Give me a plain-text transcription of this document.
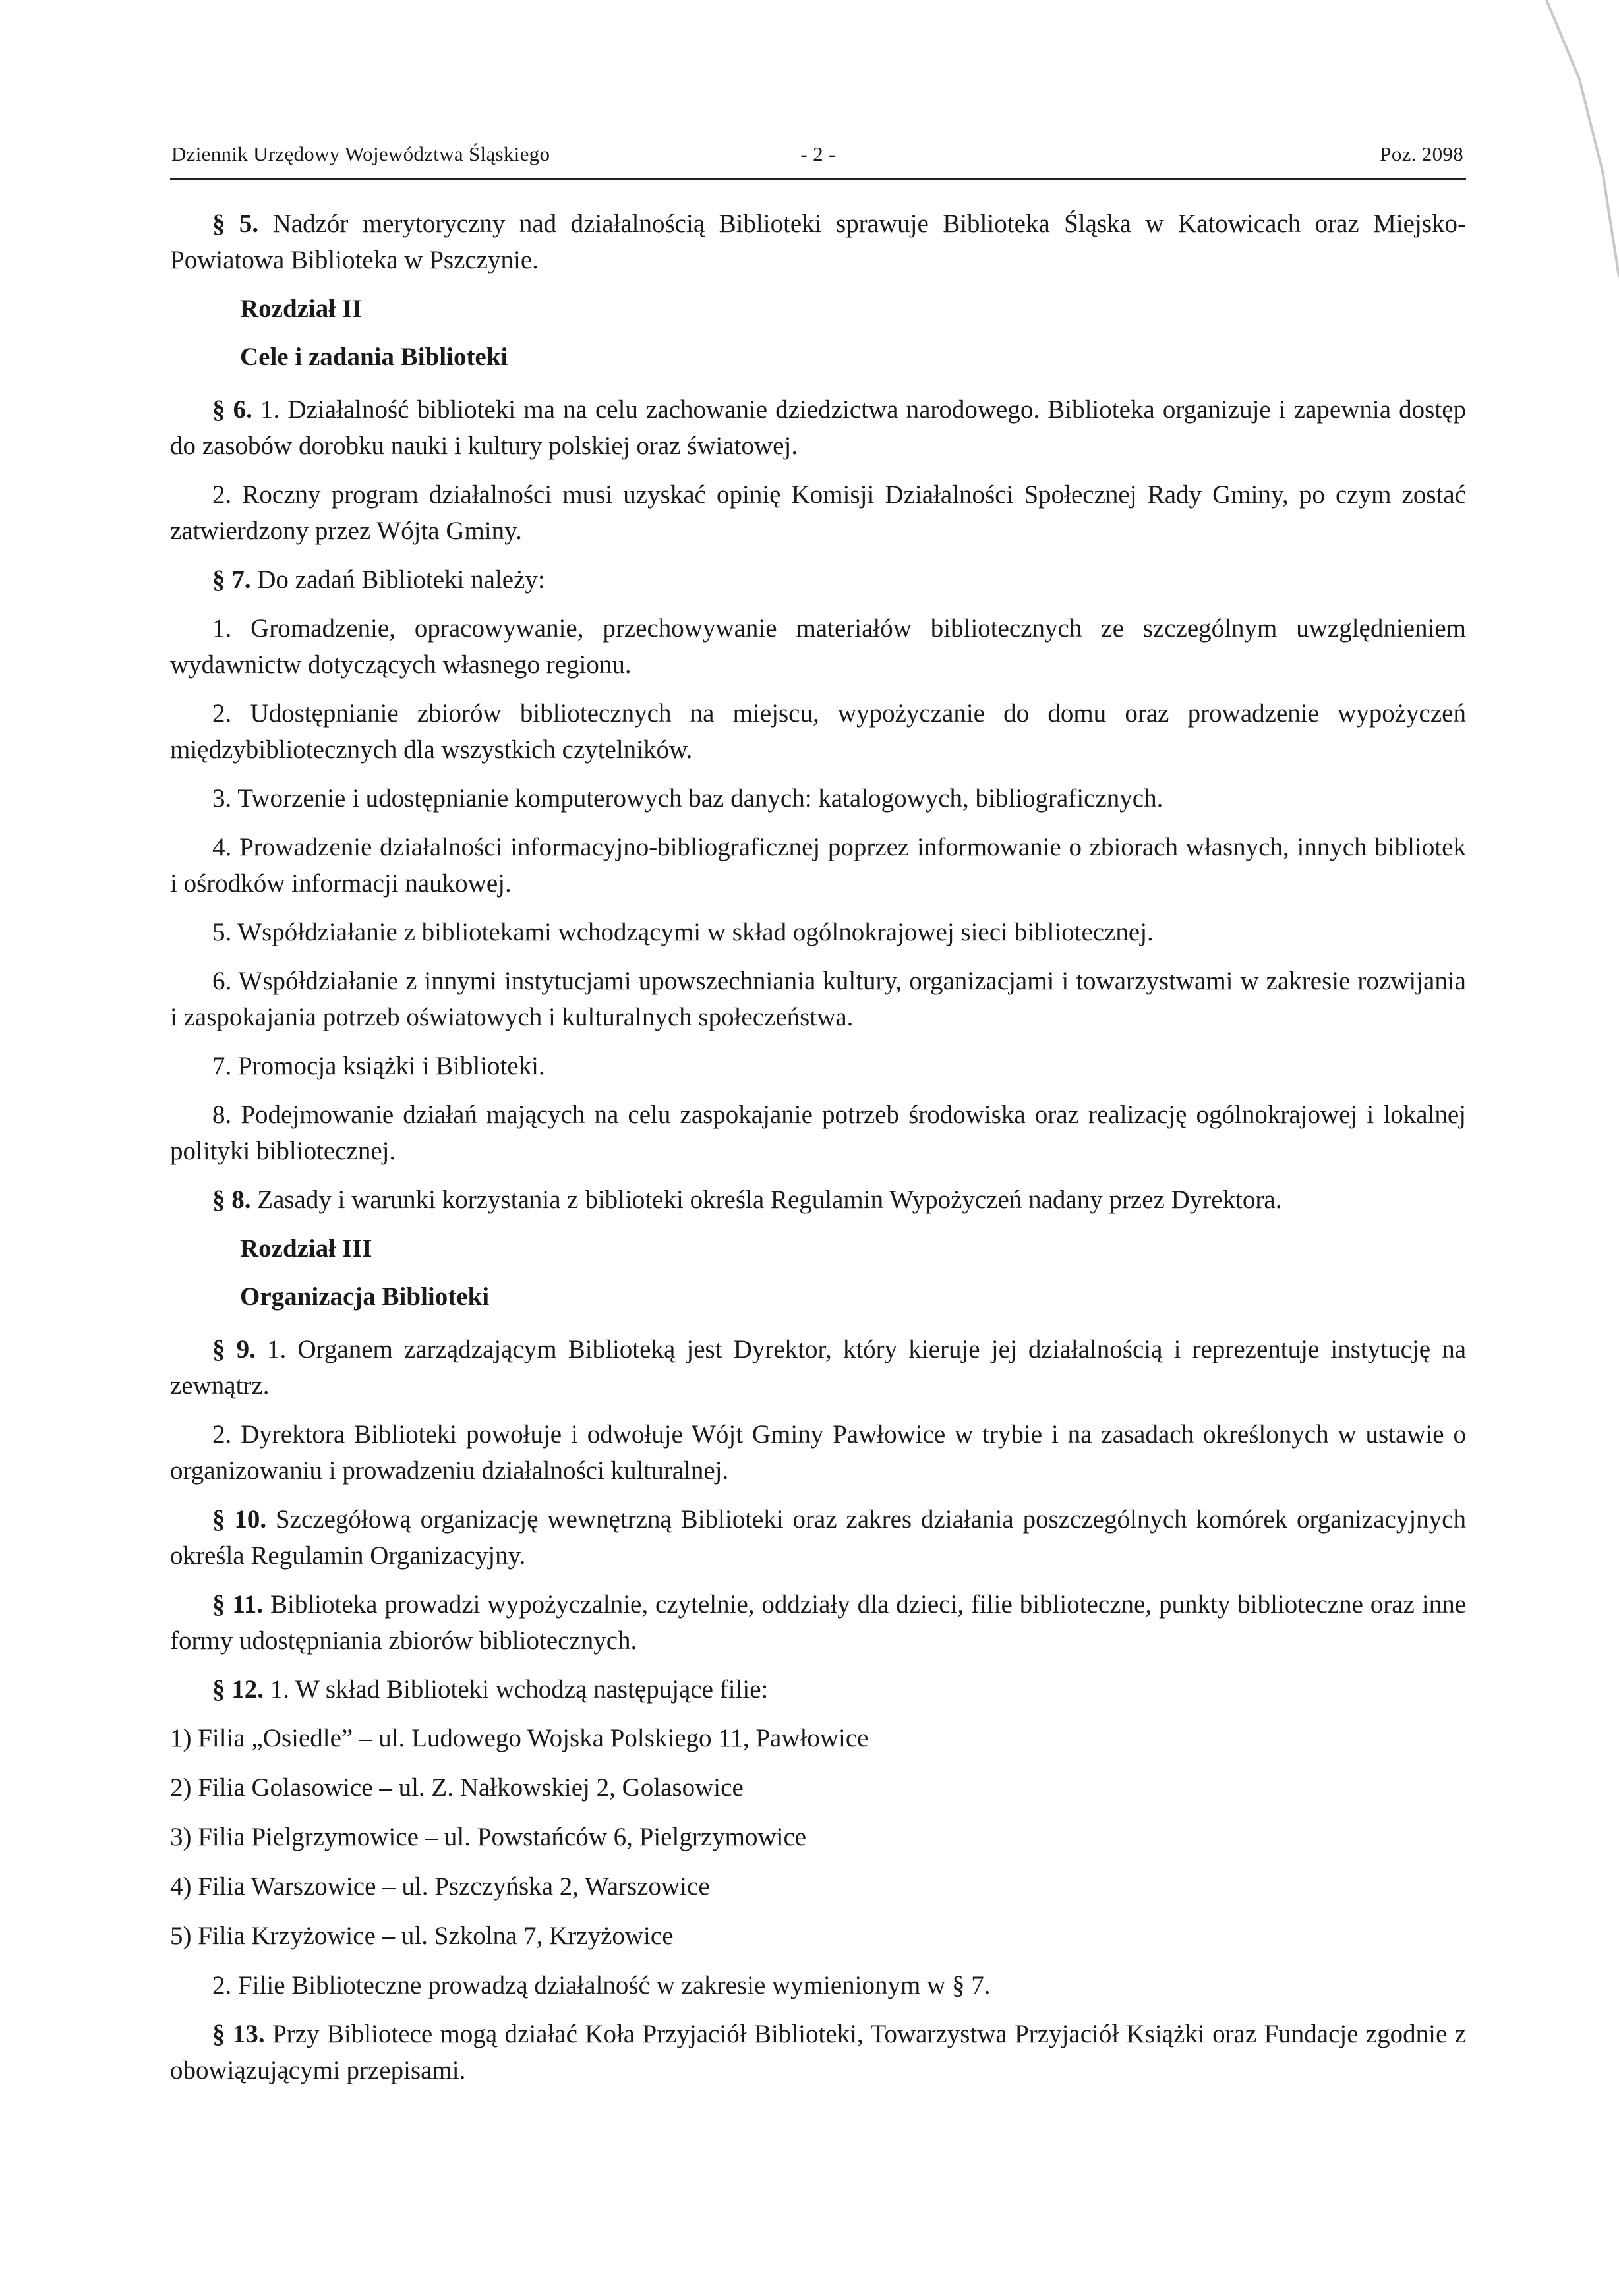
Dziennik Urzędowy Województwa Śląskiego	- 2 -	Poz. 2098

§ 5. Nadzór merytoryczny nad działalnością Biblioteki sprawuje Biblioteka Śląska w Katowicach oraz Miejsko-Powiatowa Biblioteka w Pszczynie.

Rozdział II
Cele i zadania Biblioteki

§ 6. 1. Działalność biblioteki ma na celu zachowanie dziedzictwa narodowego. Biblioteka organizuje i zapewnia dostęp do zasobów dorobku nauki i kultury polskiej oraz światowej.

2. Roczny program działalności musi uzyskać opinię Komisji Działalności Społecznej Rady Gminy, po czym zostać zatwierdzony przez Wójta Gminy.

§ 7. Do zadań Biblioteki należy:

1. Gromadzenie, opracowywanie, przechowywanie materiałów bibliotecznych ze szczególnym uwzględnieniem wydawnictw dotyczących własnego regionu.

2. Udostępnianie zbiorów bibliotecznych na miejscu, wypożyczanie do domu oraz prowadzenie wypożyczeń międzybibliotecznych dla wszystkich czytelników.

3. Tworzenie i udostępnianie komputerowych baz danych: katalogowych, bibliograficznych.

4. Prowadzenie działalności informacyjno-bibliograficznej poprzez informowanie o zbiorach własnych, innych bibliotek i ośrodków informacji naukowej.

5. Współdziałanie z bibliotekami wchodzącymi w skład ogólnokrajowej sieci bibliotecznej.

6. Współdziałanie z innymi instytucjami upowszechniania kultury, organizacjami i towarzystwami w zakresie rozwijania i zaspokajania potrzeb oświatowych i kulturalnych społeczeństwa.

7. Promocja książki i Biblioteki.

8. Podejmowanie działań mających na celu zaspokajanie potrzeb środowiska oraz realizację ogólnokrajowej i lokalnej polityki bibliotecznej.

§ 8. Zasady i warunki korzystania z biblioteki określa Regulamin Wypożyczeń nadany przez Dyrektora.

Rozdział III
Organizacja Biblioteki

§ 9. 1. Organem zarządzającym Biblioteką jest Dyrektor, który kieruje jej działalnością i reprezentuje instytucję na zewnątrz.

2. Dyrektora Biblioteki powołuje i odwołuje Wójt Gminy Pawłowice w trybie i na zasadach określonych w ustawie o organizowaniu i prowadzeniu działalności kulturalnej.

§ 10. Szczegółową organizację wewnętrzną Biblioteki oraz zakres działania poszczególnych komórek organizacyjnych określa Regulamin Organizacyjny.

§ 11. Biblioteka prowadzi wypożyczalnie, czytelnie, oddziały dla dzieci, filie biblioteczne, punkty biblioteczne oraz inne formy udostępniania zbiorów bibliotecznych.

§ 12. 1. W skład Biblioteki wchodzą następujące filie:

1) Filia „Osiedle” – ul. Ludowego Wojska Polskiego 11, Pawłowice

2) Filia Golasowice – ul. Z. Nałkowskiej 2, Golasowice

3) Filia Pielgrzymowice – ul. Powstańców 6, Pielgrzymowice

4) Filia Warszowice – ul. Pszczyńska 2, Warszowice

5) Filia Krzyżowice – ul. Szkolna 7, Krzyżowice

2. Filie Biblioteczne prowadzą działalność w zakresie wymienionym w § 7.

§ 13. Przy Bibliotece mogą działać Koła Przyjaciół Biblioteki, Towarzystwa Przyjaciół Książki oraz Fundacje zgodnie z obowiązującymi przepisami.
